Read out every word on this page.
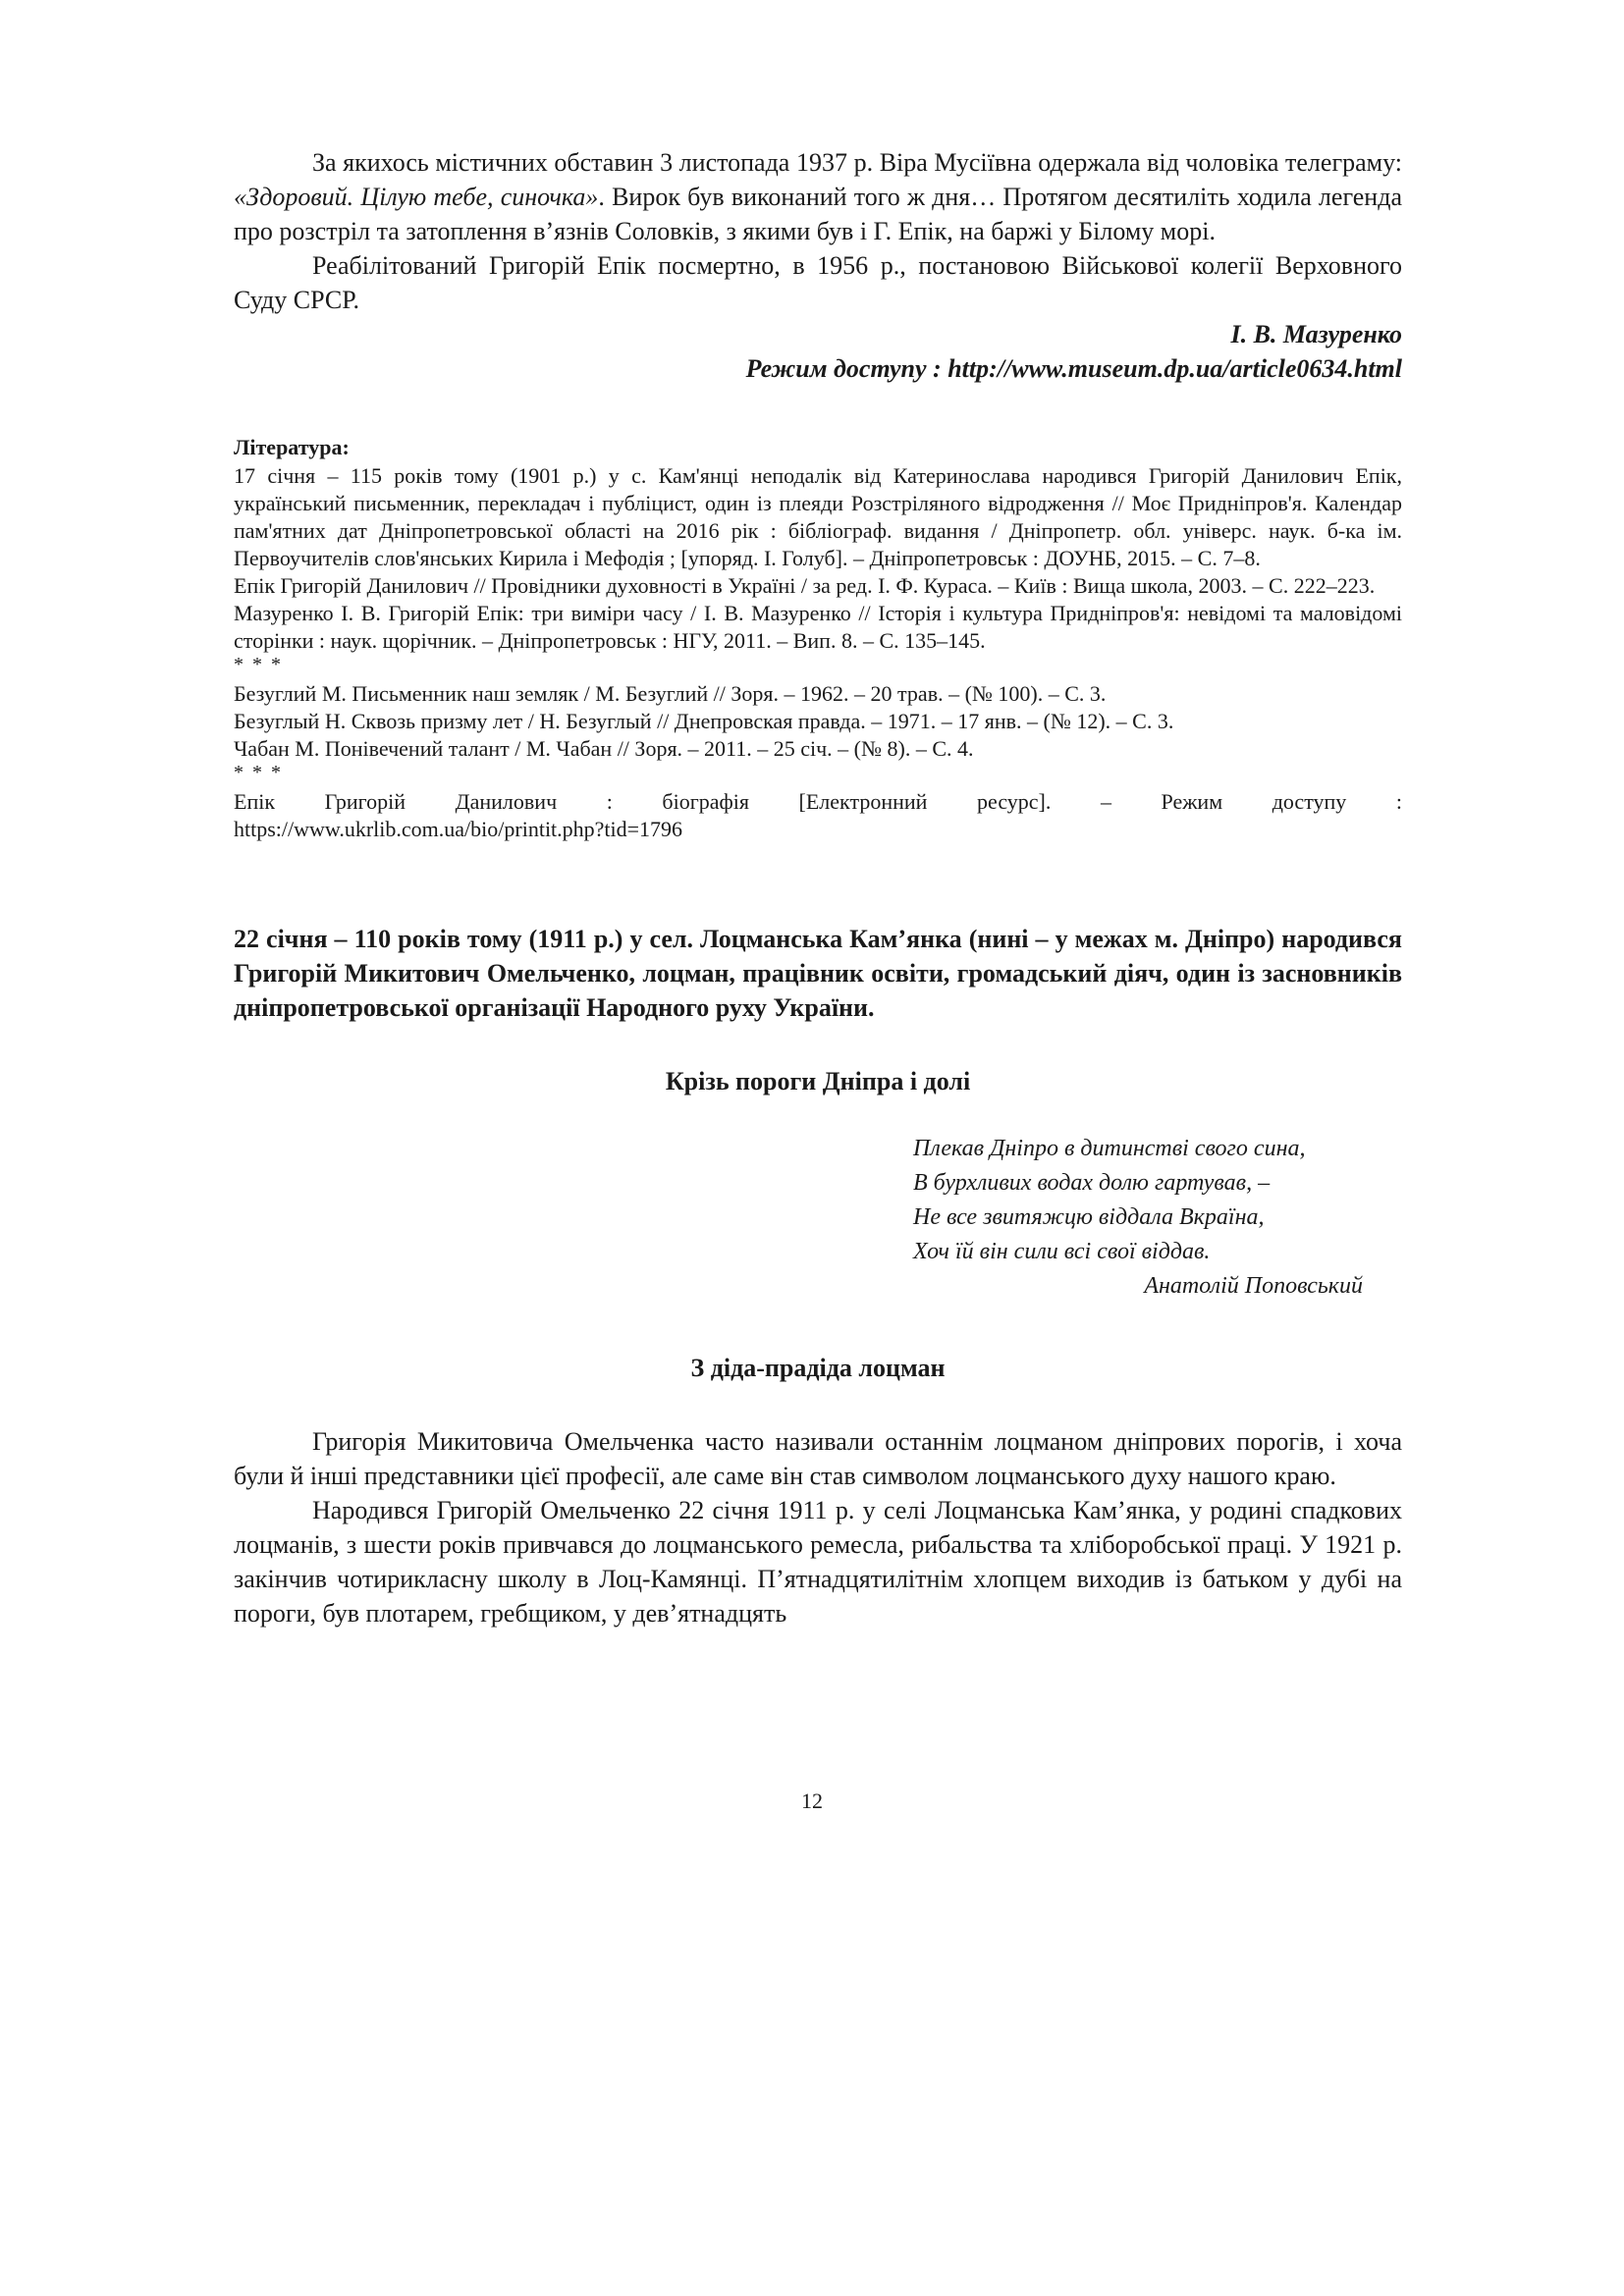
За якихось містичних обставин 3 листопада 1937 р. Віра Мусіївна одержала від чоловіка телеграму: «Здоровий. Цілую тебе, синочка». Вирок був виконаний того ж дня… Протягом десятиліть ходила легенда про розстріл та затоплення в’язнів Соловків, з якими був і Г. Епік, на баржі у Білому морі.

Реабілітований Григорій Епік посмертно, в 1956 р., постановою Військової колегії Верховного Суду СРСР.

І. В. Мазуренко

Режим доступу : http://www.museum.dp.ua/article0634.html

Література:

17 січня – 115 років тому (1901 р.) у с. Кам'янці неподалік від Катеринослава народився Григорій Данилович Епік, український письменник, перекладач і публіцист, один із плеяди Розстріляного відродження // Моє Придніпров'я. Календар пам'ятних дат Дніпропетровської області на 2016 рік : бібліограф. видання / Дніпропетр. обл. універс. наук. б-ка ім. Первоучителів слов'янських Кирила і Мефодія ; [упоряд. І. Голуб]. – Дніпропетровськ : ДОУНБ, 2015. – С. 7–8.

Епік Григорій Данилович // Провідники духовності в Україні / за ред. І. Ф. Кураса. – Київ : Вища школа, 2003. – С. 222–223.

Мазуренко І. В. Григорій Епік: три виміри часу / І. В. Мазуренко // Історія і культура Придніпров'я: невідомі та маловідомі сторінки : наук. щорічник. – Дніпропетровськ : НГУ, 2011. – Вип. 8. – С. 135–145.

* * *

Безуглий М. Письменник наш земляк / М. Безуглий // Зоря. – 1962. – 20 трав. – (№ 100). – С. 3.

Безуглый Н. Сквозь призму лет / Н. Безуглый // Днепровская правда. – 1971. – 17 янв. – (№ 12). – С. 3.

Чабан М. Понівечений талант / М. Чабан // Зоря. – 2011. – 25 січ. – (№ 8). – С. 4.

* * *
Епік Григорій Данилович : біографія [Електронний ресурс]. – Режим доступу :
https://www.ukrlib.com.ua/bio/printit.php?tid=1796

22 січня – 110 років тому (1911 р.) у сел. Лоцманська Кам’янка (нині – у межах м. Дніпро) народився Григорій Микитович Омельченко, лоцман, працівник освіти, громадський діяч, один із засновників дніпропетровської організації Народного руху України.

Крізь пороги Дніпра і долі
Плекав Дніпро в дитинстві свого сина,
В бурхливих водах долю гартував, –
Не все звитяжцю віддала Вкраїна,
Хоч їй він сили всі свої віддав.
Анатолій Поповський
З діда-прадіда лоцман

Григорія Микитовича Омельченка часто називали останнім лоцманом дніпрових порогів, і хоча були й інші представники цієї професії, але саме він став символом лоцманського духу нашого краю.

Народився Григорій Омельченко 22 січня 1911 р. у селі Лоцманська Кам’янка, у родині спадкових лоцманів, з шести років привчався до лоцманського ремесла, рибальства та хліборобської праці. У 1921 р. закінчив чотирикласну школу в Лоц-Камянці. П’ятнадцятилітнім хлопцем виходив із батьком у дубі на пороги, був плотарем, гребщиком, у дев’ятнадцять

12
